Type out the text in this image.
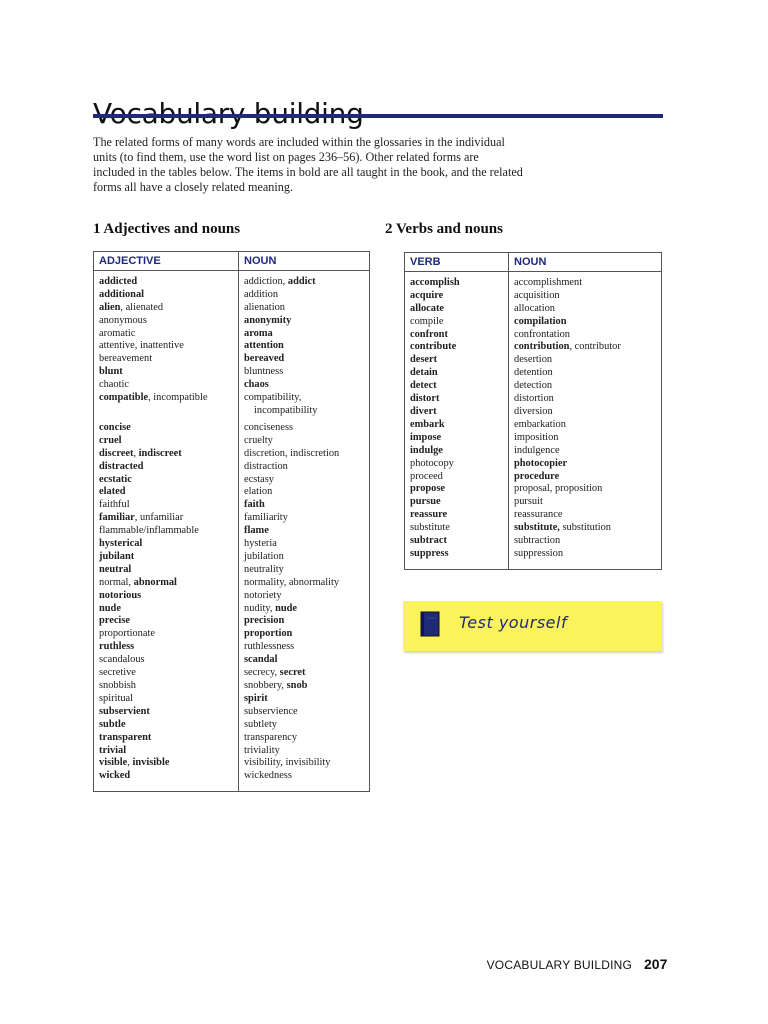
The related forms of many words are included within the glossaries in the individual units (to find them, use the word list on pages 236–56). Other related forms are included in the tables below. The items in bold are all taught in the book, and the related forms all have a closely related meaning.

1 Adjectives and nouns	2 Verbs and nouns
ADJECTIVE	NOUN
addicted	addiction, addict
additional	addition
alien, alienated	alienation
anonymous	anonymity
aromatic	aroma
attentive, inattentive	attention
bereavement	bereaved
blunt	bluntness
chaotic	chaos
compatible, incompatible	compatibility,
	incompatibility

concise	conciseness
cruel	cruelty
discreet, indiscreet	discretion, indiscretion
distracted	distraction
ecstatic	ecstasy
elated	elation
faithful	faith
familiar, unfamiliar	familiarity
flammable/inflammable	flame
hysterical	hysteria
jubilant	jubilation
neutral	neutrality
normal, abnormal	normality, abnormality
notorious	notoriety
nude	nudity, nude
precise	precision
proportionate	proportion
ruthless	ruthlessness
scandalous	scandal
secretive	secrecy, secret
snobbish	snobbery, snob
spiritual	spirit
subservient	subservience
subtle	subtlety
transparent	transparency
trivial	triviality
visible, invisible	visibility, invisibility
wicked	wickedness
VERB	NOUN
accomplish	accomplishment
acquire	acquisition
allocate	allocation
compile	compilation
confront	confrontation
contribute	contribution, contributor
desert	desertion
detain	detention
detect	detection
distort	distortion
divert	diversion
embark	embarkation
impose	imposition
indulge	indulgence
photocopy	photocopier
proceed	procedure
propose	proposal, proposition
pursue	pursuit
reassure	reassurance
substitute	substitute, substitution
subtract	subtraction
suppress	suppression
Test yourself
VOCABULARY BUILDING 207
